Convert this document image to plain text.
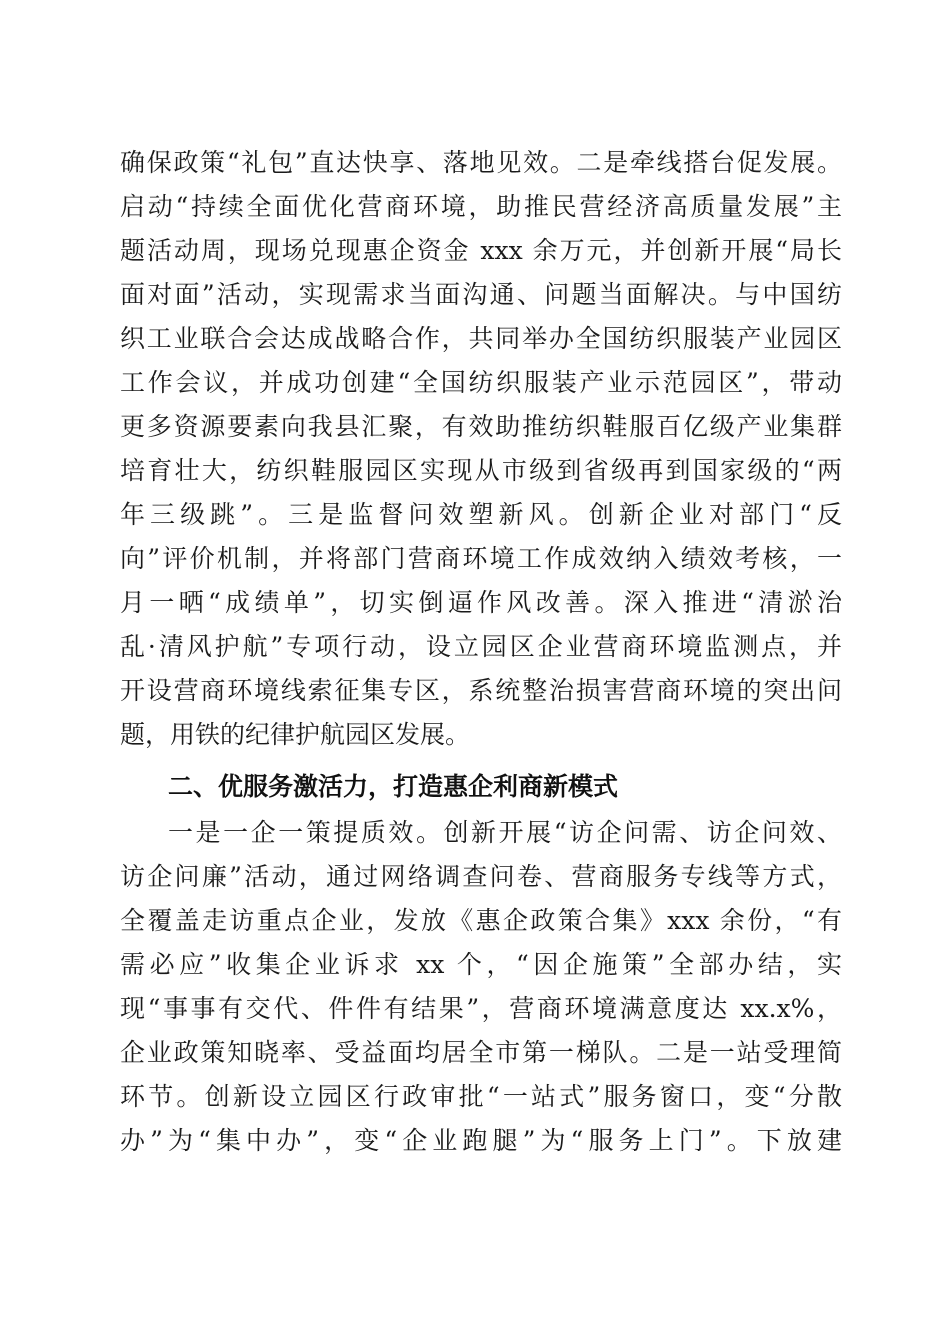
确保政策“礼包”直达快享、落地见效。二是牵线搭台促发展。
启动“持续全面优化营商环境，助推民营经济高质量发展”主
题活动周，现场兑现惠企资金 xxx 余万元，并创新开展“局长
面对面”活动，实现需求当面沟通、问题当面解决。与中国纺
织工业联合会达成战略合作，共同举办全国纺织服装产业园区
工作会议，并成功创建“全国纺织服装产业示范园区”，带动
更多资源要素向我县汇聚，有效助推纺织鞋服百亿级产业集群
培育壮大，纺织鞋服园区实现从市级到省级再到国家级的“两
年三级跳”。三是监督问效塑新风。创新企业对部门“反
向”评价机制，并将部门营商环境工作成效纳入绩效考核，一
月一晒“成绩单”，切实倒逼作风改善。深入推进“清淤治
乱·清风护航”专项行动，设立园区企业营商环境监测点，并
开设营商环境线索征集专区，系统整治损害营商环境的突出问
题，用铁的纪律护航园区发展。
二、优服务激活力，打造惠企利商新模式
一是一企一策提质效。创新开展“访企问需、访企问效、
访企问廉”活动，通过网络调查问卷、营商服务专线等方式，
全覆盖走访重点企业，发放《惠企政策合集》xxx 余份，“有
需必应”收集企业诉求 xx 个，“因企施策”全部办结，实
现“事事有交代、件件有结果”，营商环境满意度达 xx.x%，
企业政策知晓率、受益面均居全市第一梯队。二是一站受理简
环节。创新设立园区行政审批“一站式”服务窗口，变“分散
办”为“集中办”，变“企业跑腿”为“服务上门”。下放建
